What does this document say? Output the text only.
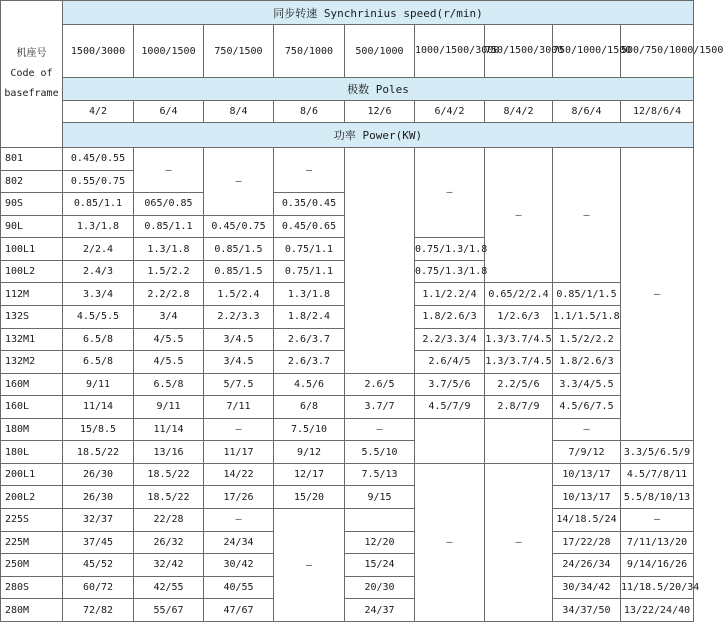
机座号
Code of
baseframe	同步转速 Synchrinius speed(r/min)								
	1500/3000	1000/1500	750/1500	750/1000	500/1000	1000/1500/3000	750/1500/3000	750/1000/1500	500/750/1000/1500
	极数 Poles								
	4/2	6/4	8/4	8/6	12/6	6/4/2	8/4/2	8/6/4	12/8/6/4
	功率 Power(KW)								
801	0.45/0.55	—	—	—		—	—	—	—
802	0.55/0.75								
90S	0.85/1.1	065/0.85		0.35/0.45					
90L	1.3/1.8	0.85/1.1	0.45/0.75	0.45/0.65					
100L1	2/2.4	1.3/1.8	0.85/1.5	0.75/1.1		0.75/1.3/1.8			
100L2	2.4/3	1.5/2.2	0.85/1.5	0.75/1.1		0.75/1.3/1.8			
112M	3.3/4	2.2/2.8	1.5/2.4	1.3/1.8		1.1/2.2/4	0.65/2/2.4	0.85/1/1.5	
132S	4.5/5.5	3/4	2.2/3.3	1.8/2.4		1.8/2.6/3	1/2.6/3	1.1/1.5/1.8	
132M1	6.5/8	4/5.5	3/4.5	2.6/3.7		2.2/3.3/4	1.3/3.7/4.5	1.5/2/2.2	
132M2	6.5/8	4/5.5	3/4.5	2.6/3.7		2.6/4/5	1.3/3.7/4.5	1.8/2.6/3	
160M	9/11	6.5/8	5/7.5	4.5/6	2.6/5	3.7/5/6	2.2/5/6	3.3/4/5.5	
160L	11/14	9/11	7/11	6/8	3.7/7	4.5/7/9	2.8/7/9	4.5/6/7.5	
180M	15/8.5	11/14	—	7.5/10	—			—	
180L	18.5/22	13/16	11/17	9/12	5.5/10			7/9/12	3.3/5/6.5/9
200L1	26/30	18.5/22	14/22	12/17	7.5/13	—	—	10/13/17	4.5/7/8/11
200L2	26/30	18.5/22	17/26	15/20	9/15			10/13/17	5.5/8/10/13
225S	32/37	22/28	—	—				14/18.5/24	—
225M	37/45	26/32	24/34		12/20			17/22/28	7/11/13/20
250M	45/52	32/42	30/42		15/24			24/26/34	9/14/16/26
280S	60/72	42/55	40/55		20/30			30/34/42	11/18.5/20/34
280M	72/82	55/67	47/67		24/37			34/37/50	13/22/24/40
